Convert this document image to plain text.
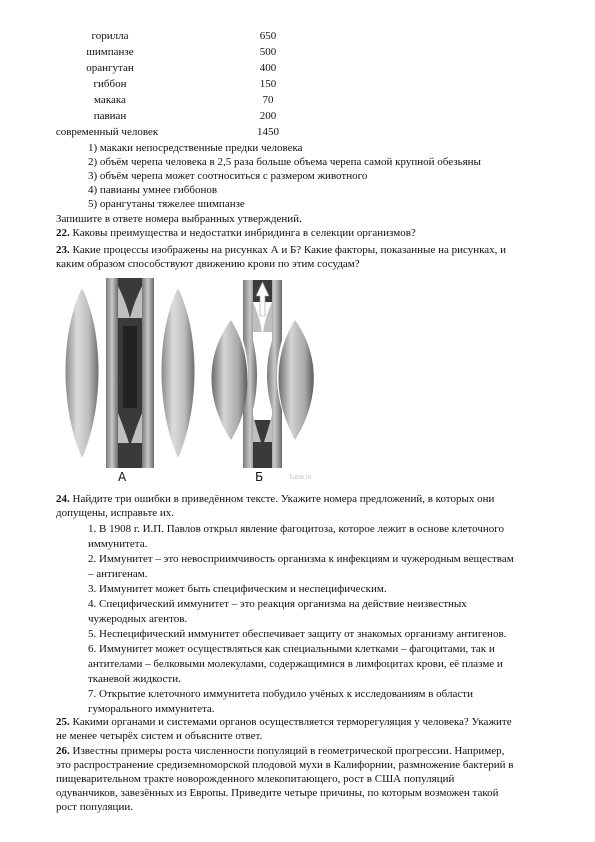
горилла	650
шимпанзе	500
орангутан	400
гиббон	150
макака	70
павиан	200
современный человек	1450
1) макаки непосредственные предки человека
2) объём черепа человека в 2,5 раза больше объема черепа самой крупной обезьяны
3) объём черепа может соотноситься с размером животного
4) павианы умнее гиббонов
5) орангутаны тяжелее шимпанзе
Запишите в ответе номера выбранных утверждений.
22. Каковы преимущества и недостатки инбридинга в селекции организмов?
23. Какие процессы изображены на рисунках А и Б? Какие факторы, показанные на рисунках, и
каким образом способствуют движению крови по этим сосудам?
А	Б	tutor.io
24. Найдите три ошибки в приведённом тексте. Укажите номера предложений, в которых они
допущены, исправьте их.
1. В 1908 г. И.П. Павлов открыл явление фагоцитоза, которое лежит в основе клеточного
иммунитета.
2. Иммунитет – это невосприимчивость организма к инфекциям и чужеродным веществам
– антигенам.
3. Иммунитет может быть специфическим и неспецифическим.
4. Специфический иммунитет – это реакция организма на действие неизвестных
чужеродных агентов.
5. Неспецифический иммунитет обеспечивает защиту от знакомых организму антигенов.
6. Иммунитет может осуществляться как специальными клетками – фагоцитами, так и
антителами – белковыми молекулами, содержащимися в лимфоцитах крови, её плазме и
тканевой жидкости.
7. Открытие клеточного иммунитета побудило учёных к исследованиям в области
гуморального иммунитета.
25. Какими органами и системами органов осуществляется терморегуляция у человека? Укажите
не менее четырёх систем и объясните ответ.
26. Известны примеры роста численности популяций в геометрической прогрессии. Например,
это распространение средиземноморской плодовой мухи в Калифорнии, размножение бактерий в
пищеварительном тракте новорожденного млекопитающего, рост в США популяций
одуванчиков, завезённых из Европы. Приведите четыре причины, по которым возможен такой
рост популяции.
